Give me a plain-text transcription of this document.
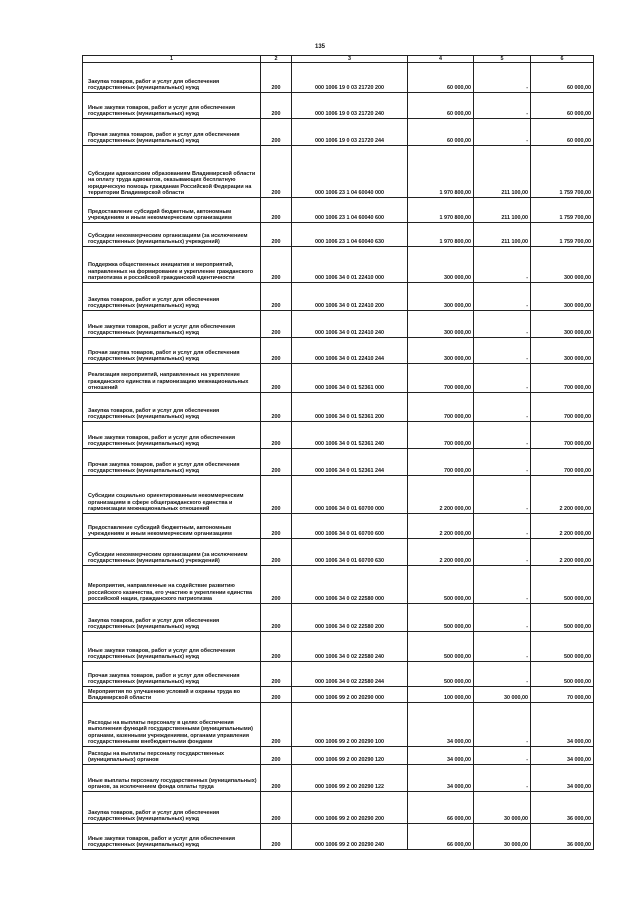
135
1	2	3	4	5	6

Закупка товаров, работ и услуг для обеспечения государственных (муниципальных) нужд	200	000 1006 19 0 03 21720 200	60 000,00	-	60 000,00

Иные закупки товаров, работ и услуг для обеспечения государственных (муниципальных) нужд	200	000 1006 19 0 03 21720 240	60 000,00	-	60 000,00

Прочая закупка товаров, работ и услуг для обеспечения государственных (муниципальных) нужд	200	000 1006 19 0 03 21720 244	60 000,00	-	60 000,00

Субсидии адвокатским образованиям Владимирской области на оплату труда адвокатов, оказывающих бесплатную юридическую помощь гражданам Российской Федерации на территории Владимирской области	200	000 1006 23 1 04 60040 000	1 970 800,00	211 100,00	1 759 700,00

Предоставление субсидий бюджетным, автономным учреждениям и иным некоммерческим организациям	200	000 1006 23 1 04 60040 600	1 970 800,00	211 100,00	1 759 700,00

Субсидии некоммерческим организациям (за исключением государственных (муниципальных) учреждений)	200	000 1006 23 1 04 60040 630	1 970 800,00	211 100,00	1 759 700,00

Поддержка общественных инициатив и мероприятий, направленных на формирование и укрепление гражданского патриотизма и российской гражданской идентичности	200	000 1006 34 0 01 22410 000	300 000,00	-	300 000,00

Закупка товаров, работ и услуг для обеспечения государственных (муниципальных) нужд	200	000 1006 34 0 01 22410 200	300 000,00	-	300 000,00

Иные закупки товаров, работ и услуг для обеспечения государственных (муниципальных) нужд	200	000 1006 34 0 01 22410 240	300 000,00	-	300 000,00

Прочая закупка товаров, работ и услуг для обеспечения государственных (муниципальных) нужд	200	000 1006 34 0 01 22410 244	300 000,00	-	300 000,00

Реализация мероприятий, направленных на укрепление гражданского единства и гармонизацию межнациональных отношений	200	000 1006 34 0 01 52361 000	700 000,00	-	700 000,00

Закупка товаров, работ и услуг для обеспечения государственных (муниципальных) нужд	200	000 1006 34 0 01 52361 200	700 000,00	-	700 000,00

Иные закупки товаров, работ и услуг для обеспечения государственных (муниципальных) нужд	200	000 1006 34 0 01 52361 240	700 000,00	-	700 000,00

Прочая закупка товаров, работ и услуг для обеспечения государственных (муниципальных) нужд	200	000 1006 34 0 01 52361 244	700 000,00	-	700 000,00

Субсидии социально ориентированным некоммерческим организациям в сфере общегражданского единства и гармонизации межнациональных отношений	200	000 1006 34 0 01 60700 000	2 200 000,00	-	2 200 000,00

Предоставление субсидий бюджетным, автономным учреждениям и иным некоммерческим организациям	200	000 1006 34 0 01 60700 600	2 200 000,00	-	2 200 000,00

Субсидии некоммерческим организациям (за исключением государственных (муниципальных) учреждений)	200	000 1006 34 0 01 60700 630	2 200 000,00	-	2 200 000,00

Мероприятия, направленные на содействие развитию российского казачества, его участию в укреплении единства российской нации, гражданского патриотизма	200	000 1006 34 0 02 22580 000	500 000,00	-	500 000,00

Закупка товаров, работ и услуг для обеспечения государственных (муниципальных) нужд	200	000 1006 34 0 02 22580 200	500 000,00	-	500 000,00

Иные закупки товаров, работ и услуг для обеспечения государственных (муниципальных) нужд	200	000 1006 34 0 02 22580 240	500 000,00	-	500 000,00

Прочая закупка товаров, работ и услуг для обеспечения государственных (муниципальных) нужд	200	000 1006 34 0 02 22580 244	500 000,00	-	500 000,00

Мероприятия по улучшению условий и охраны труда во Владимирской области	200	000 1006 99 2 00 20290 000	100 000,00	30 000,00	70 000,00

Расходы на выплаты персоналу в целях обеспечения выполнения функций государственными (муниципальными) органами, казенными учреждениями, органами управления государственными внебюджетными фондами	200	000 1006 99 2 00 20290 100	34 000,00	-	34 000,00

Расходы на выплаты персоналу государственных (муниципальных) органов	200	000 1006 99 2 00 20290 120	34 000,00	-	34 000,00

Иные выплаты персоналу государственных (муниципальных) органов, за исключением фонда оплаты труда	200	000 1006 99 2 00 20290 122	34 000,00	-	34 000,00

Закупка товаров, работ и услуг для обеспечения государственных (муниципальных) нужд	200	000 1006 99 2 00 20290 200	66 000,00	30 000,00	36 000,00

Иные закупки товаров, работ и услуг для обеспечения государственных (муниципальных) нужд	200	000 1006 99 2 00 20290 240	66 000,00	30 000,00	36 000,00
